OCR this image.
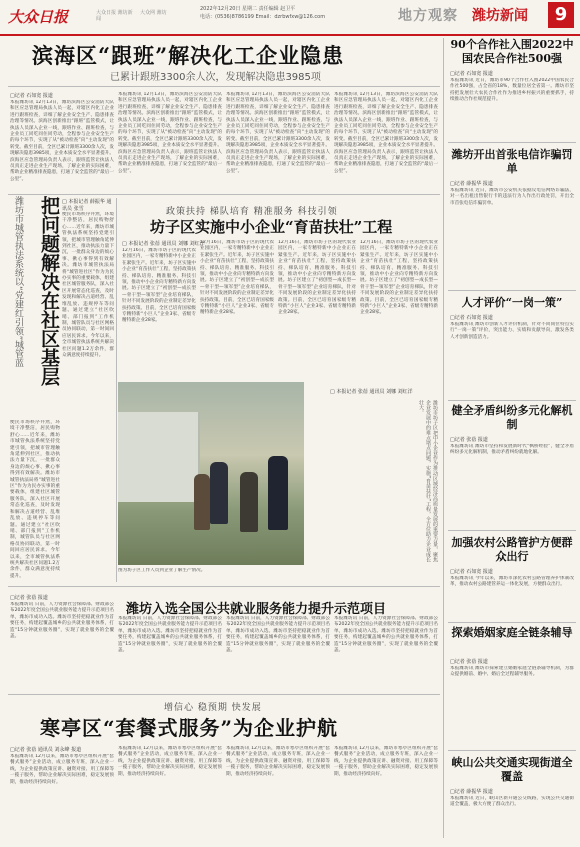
大众日报	大众日报 潍坊新闻
大众网 潍坊
2022年12月20日 星期二 责任编辑 赵卫平
电话：(0536)8786199 Email：dzrbwfxw@126.com	地方观察 潍坊新闻	9
滨海区“跟班”解决化工企业隐患
已累计跟班3300余人次，发现解决隐患3985项
□记者 石如宽 报道
本报潍坊讯 12月13日，潍坊滨海区公安消防大队和区应急管理局执法人员一起，对辖区内化工企业进行跟班检查，详细了解企业安全生产、隐患排查治理等情况。滨海区创新推出“跟班”监管模式，让执法人员深入企业一线，跟班作业、跟班检查，与企业员工同吃同住同劳动，全程参与企业安全生产的每个环节，实现了从“被动检查”向“主动发现”的转变。截至目前，全区已累计跟班3300余人次，发现解决隐患3985项，企业本质安全水平显著提升。滨海区应急管理局负责人表示，跟班监管让执法人员真正走进企业生产现场，了解企业的实际困难，帮助企业精准排查隐患，打通了安全监管的“最后一公里”。
本报潍坊讯 12月13日，潍坊滨海区公安消防大队和区应急管理局执法人员一起，对辖区内化工企业进行跟班检查，详细了解企业安全生产、隐患排查治理等情况。滨海区创新推出“跟班”监管模式，让执法人员深入企业一线，跟班作业、跟班检查，与企业员工同吃同住同劳动，全程参与企业安全生产的每个环节，实现了从“被动检查”向“主动发现”的转变。截至目前，全区已累计跟班3300余人次，发现解决隐患3985项，企业本质安全水平显著提升。滨海区应急管理局负责人表示，跟班监管让执法人员真正走进企业生产现场，了解企业的实际困难，帮助企业精准排查隐患，打通了安全监管的“最后一公里”。
本报潍坊讯 12月13日，潍坊滨海区公安消防大队和区应急管理局执法人员一起，对辖区内化工企业进行跟班检查，详细了解企业安全生产、隐患排查治理等情况。滨海区创新推出“跟班”监管模式，让执法人员深入企业一线，跟班作业、跟班检查，与企业员工同吃同住同劳动，全程参与企业安全生产的每个环节，实现了从“被动检查”向“主动发现”的转变。截至目前，全区已累计跟班3300余人次，发现解决隐患3985项，企业本质安全水平显著提升。滨海区应急管理局负责人表示，跟班监管让执法人员真正走进企业生产现场，了解企业的实际困难，帮助企业精准排查隐患，打通了安全监管的“最后一公里”。
本报潍坊讯 12月13日，潍坊滨海区公安消防大队和区应急管理局执法人员一起，对辖区内化工企业进行跟班检查，详细了解企业安全生产、隐患排查治理等情况。滨海区创新推出“跟班”监管模式，让执法人员深入企业一线，跟班作业、跟班检查，与企业员工同吃同住同劳动，全程参与企业安全生产的每个环节，实现了从“被动检查”向“主动发现”的转变。截至目前，全区已累计跟班3300余人次，发现解决隐患3985项，企业本质安全水平显著提升。滨海区应急管理局负责人表示，跟班监管让执法人员真正走进企业生产现场，了解企业的实际困难，帮助企业精准排查隐患，打通了安全监管的“最后一公里”。
□ 本报记者 薛振华 通讯员 张雪
潍坊市城管执法系统以“党建红引领”城管蓝 把问题解决在社区基层 便民市场秩序井然，环境干净整洁，居民购物舒心……近年来，潍坊市城管执法系统坚持党建引领，把城市管理触角延伸到社区，推动执法力量下沉，一批群众身边的烦心事、揪心事得到有效解决。潍坊市城管执法局将“城管进社区”作为为民办实事的重要载体，组建社区城管服务队，深入社区开展常态化巡查，及时发现和解决占道经营、乱堆乱放、违规停车等问题。通过建立“社区吹哨、部门报到”工作机制，城管队员与社区网格员协同联动，第一时间回应居民诉求。今年以来，全市城管执法系统共解决社区问题1.2万余件，群众满意度持续提升。
便民市场秩序井然，环境干净整洁，居民购物舒心……近年来，潍坊市城管执法系统坚持党建引领，把城市管理触角延伸到社区，推动执法力量下沉，一批群众身边的烦心事、揪心事得到有效解决。潍坊市城管执法局将“城管进社区”作为为民办实事的重要载体，组建社区城管服务队，深入社区开展常态化巡查，及时发现和解决占道经营、乱堆乱放、违规停车等问题。通过建立“社区吹哨、部门报到”工作机制，城管队员与社区网格员协同联动，第一时间回应居民诉求。今年以来，全市城管执法系统共解决社区问题1.2万余件，群众满意度持续提升。
政策扶持 梯队培育 精准服务 科技引领
坊子区实施中小企业“育苗扶壮”工程
□ 本报记者 张蓓 通讯员 刘娜 刘红洋
12月16日，潍坊市坊子区的现代农业园区内，一家专精特新中小企业正在紧张生产。近年来，坊子区实施中小企业“育苗扶壮”工程，坚持政策扶持、梯队培育、精准服务、科技引领，推动中小企业向专精特新方向发展。坊子区建立了“初创型—成长型—骨干型—领军型”企业培育梯队，针对不同发展阶段的企业制定差异化扶持政策。目前，全区已培育国家级专精特新“小巨人”企业3家、省级专精特新企业28家。
12月16日，潍坊市坊子区的现代农业园区内，一家专精特新中小企业正在紧张生产。近年来，坊子区实施中小企业“育苗扶壮”工程，坚持政策扶持、梯队培育、精准服务、科技引领，推动中小企业向专精特新方向发展。坊子区建立了“初创型—成长型—骨干型—领军型”企业培育梯队，针对不同发展阶段的企业制定差异化扶持政策。目前，全区已培育国家级专精特新“小巨人”企业3家、省级专精特新企业28家。
12月16日，潍坊市坊子区的现代农业园区内，一家专精特新中小企业正在紧张生产。近年来，坊子区实施中小企业“育苗扶壮”工程，坚持政策扶持、梯队培育、精准服务、科技引领，推动中小企业向专精特新方向发展。坊子区建立了“初创型—成长型—骨干型—领军型”企业培育梯队，针对不同发展阶段的企业制定差异化扶持政策。目前，全区已培育国家级专精特新“小巨人”企业3家、省级专精特新企业28家。
12月16日，潍坊市坊子区的现代农业园区内，一家专精特新中小企业正在紧张生产。近年来，坊子区实施中小企业“育苗扶壮”工程，坚持政策扶持、梯队培育、精准服务、科技引领，推动中小企业向专精特新方向发展。坊子区建立了“初创型—成长型—骨干型—领军型”企业培育梯队，针对不同发展阶段的企业制定差异化扶持政策。目前，全区已培育国家级专精特新“小巨人”企业3家、省级专精特新企业28家。
□ 本报记者 张蓓 通讯员 刘娜 刘红洋
潍坊市坊子区把中小企业作为推动区域经济高质量发展的重要力量，聚焦企业发展中的难点堵点问题，实施“育苗扶壮”工程，全方位助力企业成长壮大。
图为坊子区工作人员到企业了解生产情况。
潍坊入选全国公共就业服务能力提升示范项目
□记者 张蓓 报道
本报潍坊讯 日前，人力资源社会保障部、财政部公布2022年度全国公共就业服务能力提升示范项目名单，潍坊市成功入选。潍坊市坚持把稳就业作为首要任务，构建起覆盖城乡的公共就业服务体系，打造“15分钟就业服务圈”，实现了就业服务的全覆盖。
本报潍坊讯 日前，人力资源社会保障部、财政部公布2022年度全国公共就业服务能力提升示范项目名单，潍坊市成功入选。潍坊市坚持把稳就业作为首要任务，构建起覆盖城乡的公共就业服务体系，打造“15分钟就业服务圈”，实现了就业服务的全覆盖。
本报潍坊讯 日前，人力资源社会保障部、财政部公布2022年度全国公共就业服务能力提升示范项目名单，潍坊市成功入选。潍坊市坚持把稳就业作为首要任务，构建起覆盖城乡的公共就业服务体系，打造“15分钟就业服务圈”，实现了就业服务的全覆盖。
本报潍坊讯 日前，人力资源社会保障部、财政部公布2022年度全国公共就业服务能力提升示范项目名单，潍坊市成功入选。潍坊市坚持把稳就业作为首要任务，构建起覆盖城乡的公共就业服务体系，打造“15分钟就业服务圈”，实现了就业服务的全覆盖。
增信心 稳预期 快发展
寒亭区“套餐式服务”为企业护航
□记者 张蓓 通讯员 刘永峰 报道
本报潍坊讯 12月以来，潍坊市寒亭区组织开展“套餐式服务”企业活动，成立服务专班，深入企业一线，为企业提供政策宣讲、融资对接、用工保障等一揽子服务，帮助企业解决实际困难，稳定发展预期，推动经济持续向好。
本报潍坊讯 12月以来，潍坊市寒亭区组织开展“套餐式服务”企业活动，成立服务专班，深入企业一线，为企业提供政策宣讲、融资对接、用工保障等一揽子服务，帮助企业解决实际困难，稳定发展预期，推动经济持续向好。
本报潍坊讯 12月以来，潍坊市寒亭区组织开展“套餐式服务”企业活动，成立服务专班，深入企业一线，为企业提供政策宣讲、融资对接、用工保障等一揽子服务，帮助企业解决实际困难，稳定发展预期，推动经济持续向好。
本报潍坊讯 12月以来，潍坊市寒亭区组织开展“套餐式服务”企业活动，成立服务专班，深入企业一线，为企业提供政策宣讲、融资对接、用工保障等一揽子服务，帮助企业解决实际困难，稳定发展预期，推动经济持续向好。
90个合作社入围2022中国农民合作社500强
□记者 石如宽 报道
本报潍坊讯 近日，潍坊市90个合作社入围2022中国农民合作社500强，占全省的18%，数量位居全省第一。潍坊市坚持把发展壮大农民合作社作为推进乡村振兴的重要抓手，持续推动合作社规范提升。
潍坊开出首张电信诈骗罚单
□记者 薛振华 报道
本报潍坊讯 近日，潍坊市公安机关依据反电信网络诈骗法，对一名出租出售银行卡的违法行为人作出行政处罚，开出全市首张电信诈骗罚单。
人才评价“一岗一策”
□记者 石如宽 报道
本报潍坊讯 潍坊市创新人才评价机制，针对不同岗位特点实行“一岗一策”评价，突出能力、实绩和贡献导向，激发各类人才创新创造活力。
健全矛盾纠纷多元化解机制
□记者 张蓓 报道
本报潍坊讯 潍坊市坚持和发展新时代“枫桥经验”，健全矛盾纠纷多元化解机制，推动矛盾纠纷就地化解。
加强农村公路管护方便群众出行
□记者 石如宽 报道
本报潍坊讯 今年以来，潍坊市深化农村公路管理养护体制改革，推动农村公路建管养运一体化发展，方便群众出行。
探索婚姻家庭全链条辅导
□记者 张蓓 报道
本报潍坊讯 潍坊市探索建立婚姻家庭全链条辅导机制，为群众提供婚前、婚中、婚后全过程辅导服务。
峡山公共交通实现街道全覆盖
□记者 薛振华 报道
本报潍坊讯 近日，峡山区新开通公交线路，实现公共交通街道全覆盖，极大方便了群众出行。
